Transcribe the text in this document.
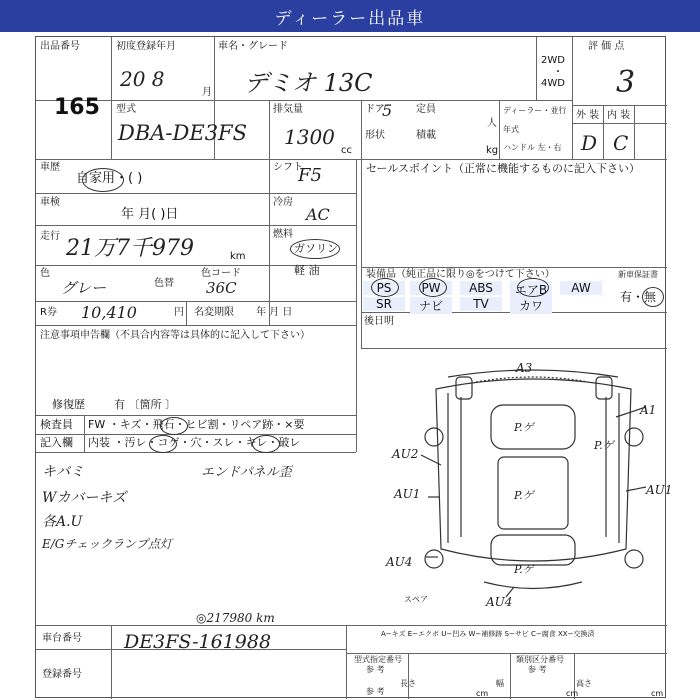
ディーラー出品車
出品番号
165
初度登録年月
20 8
月
車名・グレード
デミオ 13C
2WD
・
4WD
評 価 点
3
型式
DBA-DE3FS
排気量
1300
cc
ドア
5 定員
人
形状	積載
kg
ディーラー・並行
年式
ハンドル 左・右
外 装 内 装
D C
車歴
自家用・( )
シフト
F5
車検
年 月( )日
冷房
AC
走行 21万7千979	km
燃料
ガソリン
軽 油
色
グレー	色替
色コード
36C
R券 10,410	円 名変期限 年 月 日
セールスポイント（正常に機能するものに記入下さい）
装備品（純正品に限り◎をつけて下さい）	新車保証書
有・無
PS	PW	ABS	エアB	AW
SR	ナビ	TV	カワ
後日明
注意事項申告欄（不具合内容等は具体的に記入して下さい）
修復歴	有 〔箇所 〕
検査員 FW ・キズ・飛石・ヒビ割・リペア跡・×要
記入欄 内装 ・汚レ・コゲ・穴・スレ・キレ・破レ
キバミ
Wカバーキズ
各A.U
E/Gチェックランプ点灯
エンドパネル歪
◎217980 km
A3
A1
AU2
AU1	AU1
AU4
AU4
P.ゲ
P.ゲ
P.ゲ
P.ゲ
スペア
車台番号 DE3FS-161988
登録番号
A−キズ E−エクボ U−凹み W−補修跡 S−サビ C−腐食 XX−交換済
型式指定番号
参 考
類別区分番号
参 考
参 考
長さ
cm
幅
cm
高さ
cm
